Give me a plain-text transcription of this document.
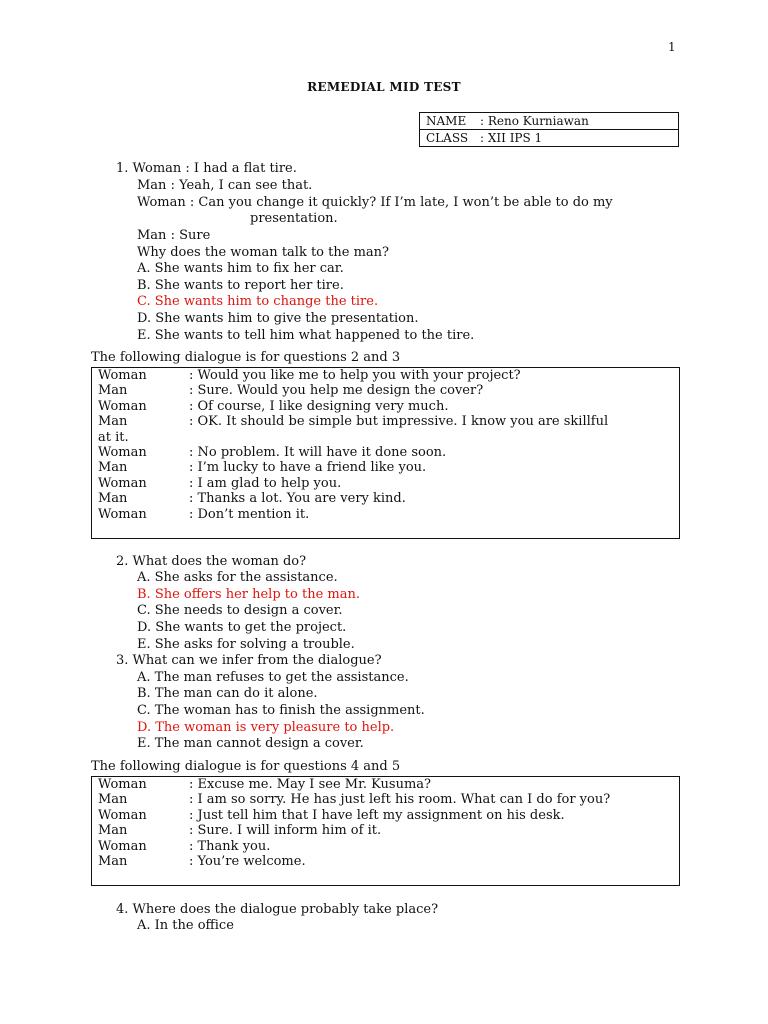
1
REMEDIAL MID TEST
NAME : Reno Kurniawan
CLASS : XII IPS 1
1. Woman : I had a flat tire.
Man : Yeah, I can see that.
Woman : Can you change it quickly? If I’m late, I won’t be able to do my
presentation.
Man : Sure
Why does the woman talk to the man?
A. She wants him to fix her car.
B. She wants to report her tire.
C. She wants him to change the tire.
D. She wants him to give the presentation.
E. She wants to tell him what happened to the tire.
The following dialogue is for questions 2 and 3
Woman	: Would you like me to help you with your project?
Man	: Sure. Would you help me design the cover?
Woman	: Of course, I like designing very much.
Man	: OK. It should be simple but impressive. I know you are skillful
at it.
Woman	: No problem. It will have it done soon.
Man	: I’m lucky to have a friend like you.
Woman	: I am glad to help you.
Man	: Thanks a lot. You are very kind.
Woman	: Don’t mention it.
2. What does the woman do?
A. She asks for the assistance.
B. She offers her help to the man.
C. She needs to design a cover.
D. She wants to get the project.
E. She asks for solving a trouble.
3. What can we infer from the dialogue?
A. The man refuses to get the assistance.
B. The man can do it alone.
C. The woman has to finish the assignment.
D. The woman is very pleasure to help.
E. The man cannot design a cover.
The following dialogue is for questions 4 and 5
Woman	: Excuse me. May I see Mr. Kusuma?
Man	: I am so sorry. He has just left his room. What can I do for you?
Woman	: Just tell him that I have left my assignment on his desk.
Man	: Sure. I will inform him of it.
Woman	: Thank you.
Man	: You’re welcome.
4. Where does the dialogue probably take place?
A. In the office
